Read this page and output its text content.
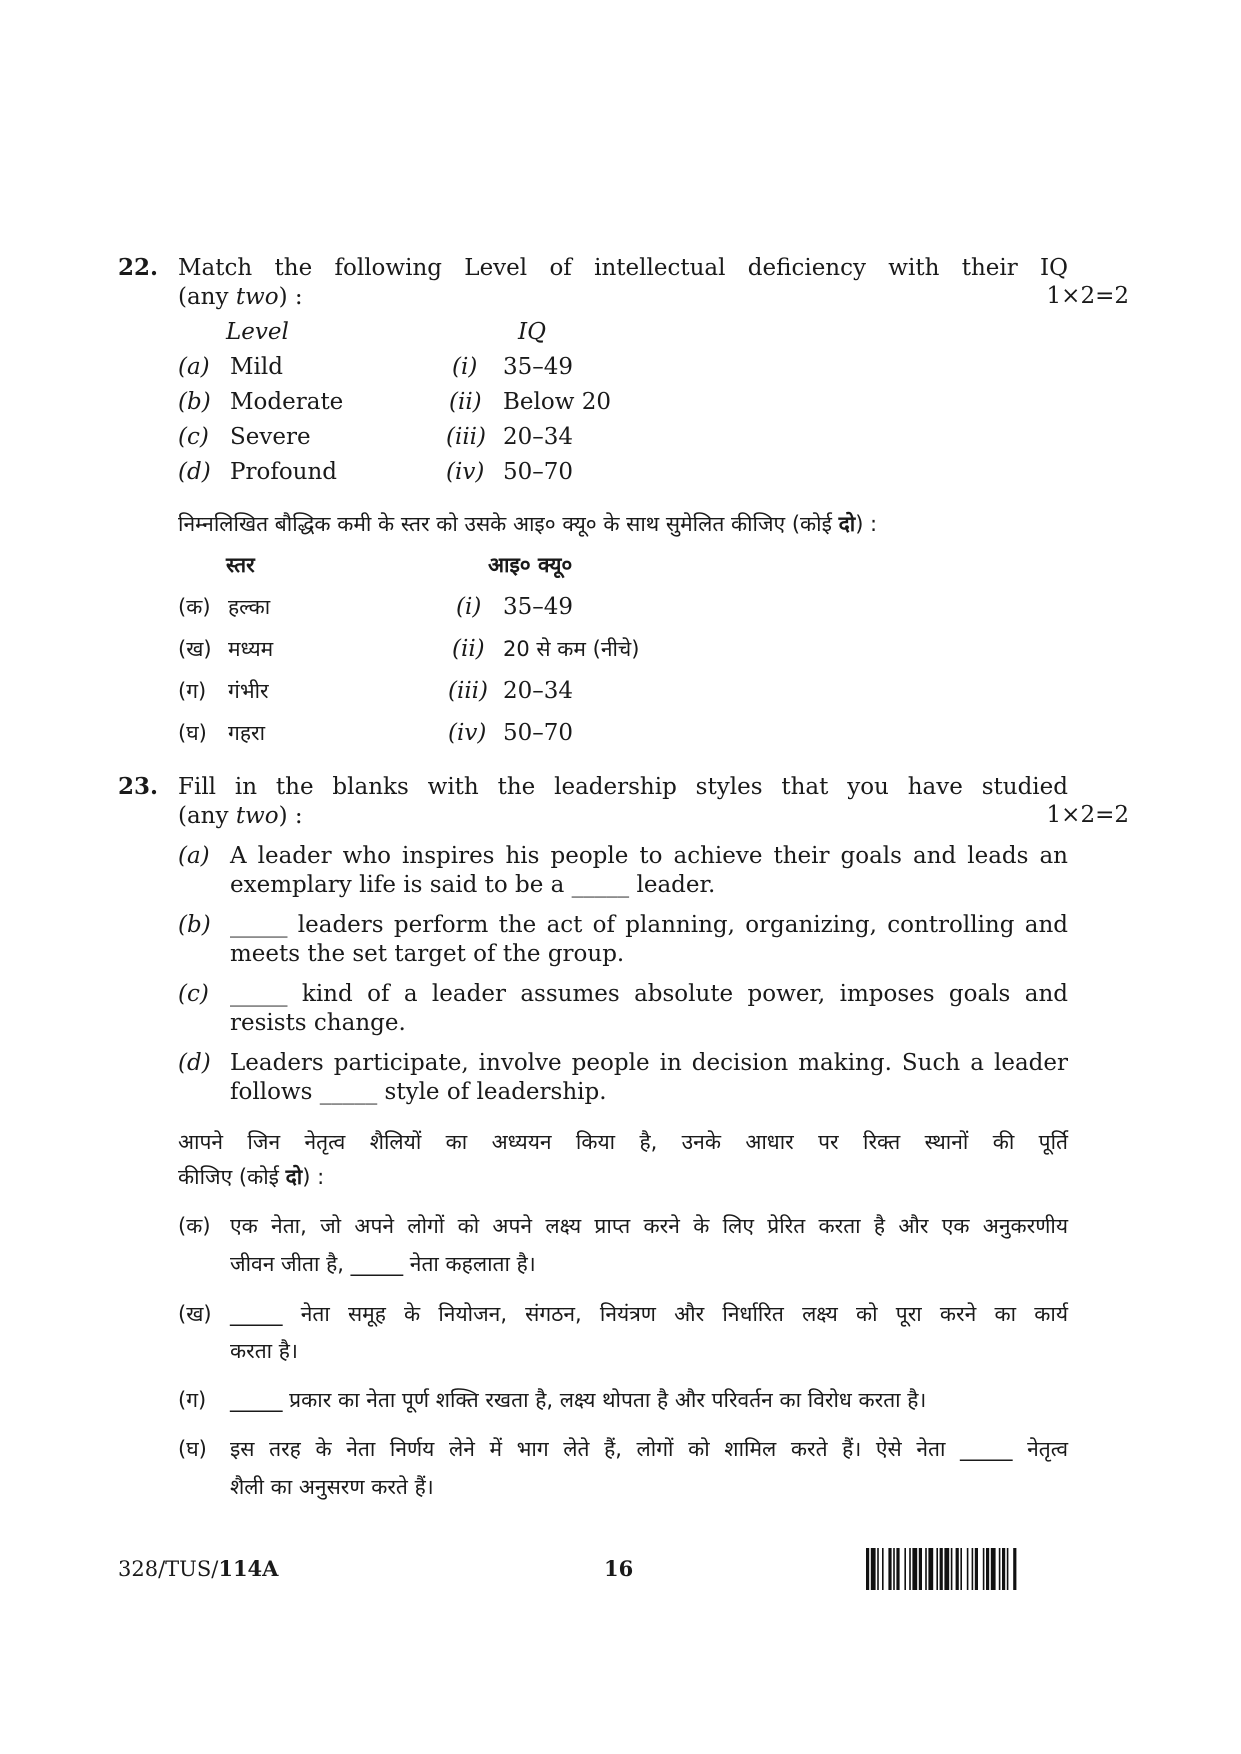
22. Match the following Level of intellectual deficiency with their IQ
(any two) :	1×2=2
Level	IQ
(a) Mild	(i) 35–49
(b) Moderate	(ii) Below 20
(c) Severe	(iii) 20–34
(d) Profound	(iv) 50–70
निम्नलिखित बौद्धिक कमी के स्तर को उसके आइ० क्यू० के साथ सुमेलित कीजिए (कोई दो) :
स्तर	आइ० क्यू०
(क) हल्का	(i) 35–49
(ख) मध्यम	(ii) 20 से कम (नीचे)
(ग) गंभीर	(iii) 20–34
(घ) गहरा	(iv) 50–70
23. Fill in the blanks with the leadership styles that you have studied
(any two) :	1×2=2
(a) A leader who inspires his people to achieve their goals and leads an
exemplary life is said to be a _____ leader.
(b) _____ leaders perform the act of planning, organizing, controlling and
meets the set target of the group.
(c) _____ kind of a leader assumes absolute power, imposes goals and
resists change.
(d) Leaders participate, involve people in decision making. Such a leader
follows _____ style of leadership.
आपने जिन नेतृत्व शैलियों का अध्ययन किया है, उनके आधार पर रिक्त स्थानों की पूर्ति
कीजिए (कोई दो) :
(क) एक नेता, जो अपने लोगों को अपने लक्ष्य प्राप्त करने के लिए प्रेरित करता है और एक अनुकरणीय
जीवन जीता है, _____ नेता कहलाता है।
(ख) _____ नेता समूह के नियोजन, संगठन, नियंत्रण और निर्धारित लक्ष्य को पूरा करने का कार्य
करता है।
(ग) _____ प्रकार का नेता पूर्ण शक्ति रखता है, लक्ष्य थोपता है और परिवर्तन का विरोध करता है।
(घ) इस तरह के नेता निर्णय लेने में भाग लेते हैं, लोगों को शामिल करते हैं। ऐसे नेता _____ नेतृत्व
शैली का अनुसरण करते हैं।
328/TUS/114A	16
